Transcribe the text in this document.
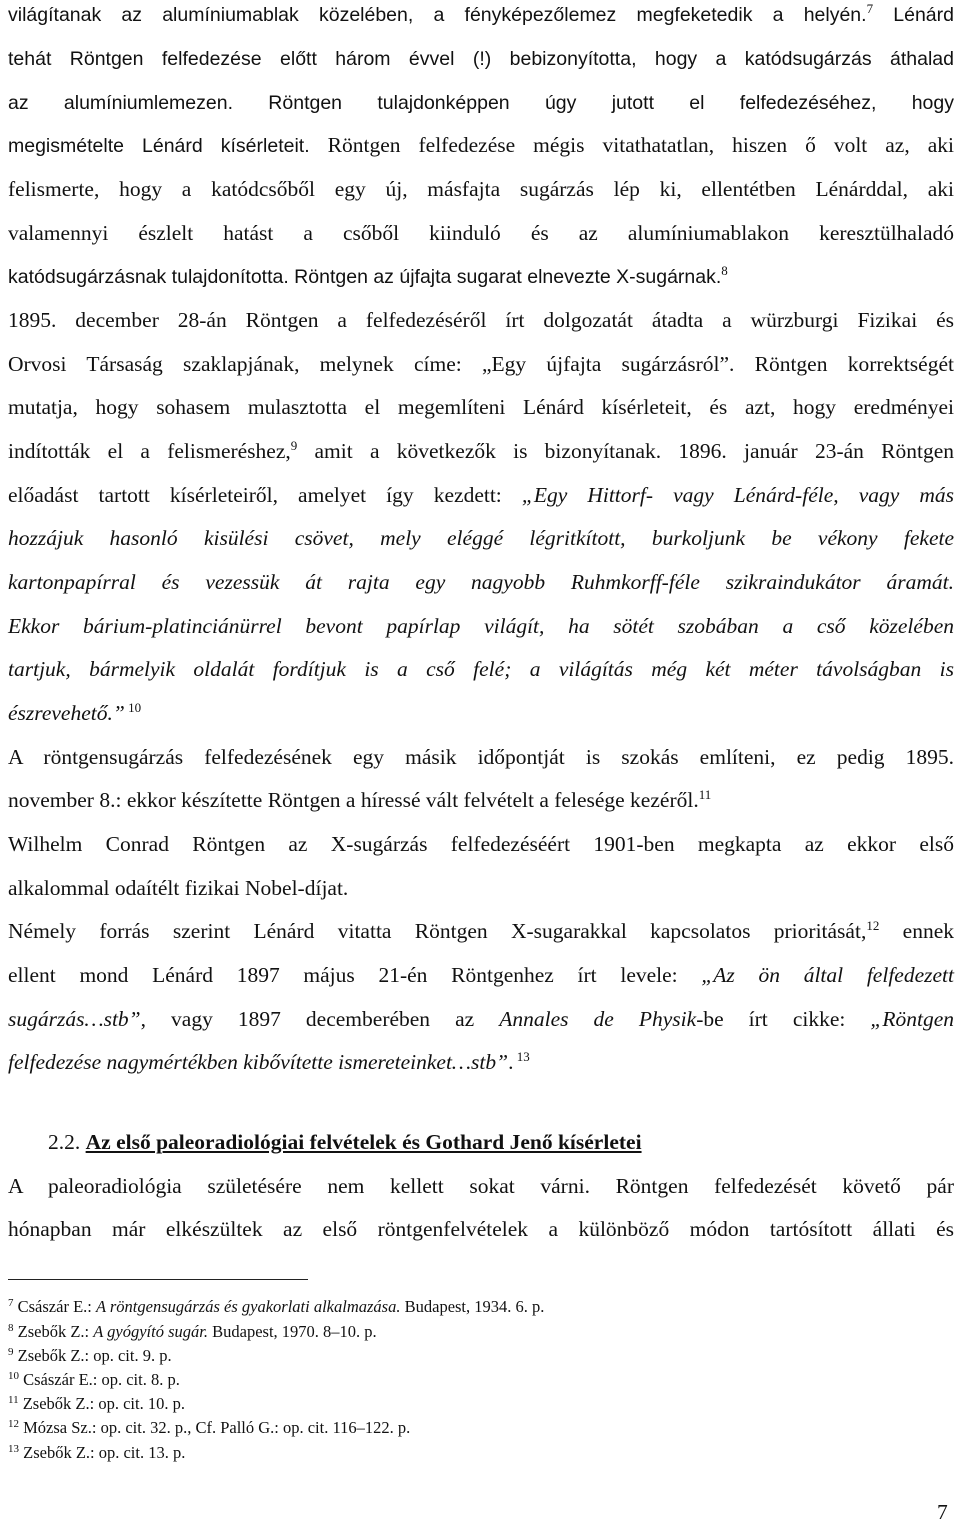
világítanak az alumíniumablak közelében, a fényképezőlemez megfeketedik a helyén.$^7$ Lénárd
tehát Röntgen felfedezése előtt három évvel (!) bebizonyította, hogy a katódsugárzás áthalad
az alumíniumlemezen. Röntgen tulajdonképpen úgy jutott el felfedezéséhez, hogy
megismételte Lénárd kísérleteit. Röntgen felfedezése mégis vitathatatlan, hiszen ő volt az, aki
felismerte, hogy a katódcsőből egy új, másfajta sugárzás lép ki, ellentétben Lénárddal, aki
valamennyi észlelt hatást a csőből kiinduló és az alumíniumablakon keresztülhaladó
katódsugárzásnak tulajdonította. Röntgen az újfajta sugarat elnevezte X-sugárnak.$^8$
1895. december 28-án Röntgen a felfedezéséről írt dolgozatát átadta a würzburgi Fizikai és
Orvosi Társaság szaklapjának, melynek címe: „Egy újfajta sugárzásról”. Röntgen korrektségét
mutatja, hogy sohasem mulasztotta el megemlíteni Lénárd kísérleteit, és azt, hogy eredményei
indították el a felismeréshez,$^9$ amit a következők is bizonyítanak. 1896. január 23-án Röntgen
előadást tartott kísérleteiről, amelyet így kezdett: „Egy Hittorf- vagy Lénárd-féle, vagy más
hozzájuk hasonló kisülési csövet, mely eléggé légritkított, burkoljunk be vékony fekete
kartonpapírral és vezessük át rajta egy nagyobb Ruhmkorff-féle szikraindukátor áramát.
Ekkor bárium-platinciánürrel bevont papírlap világít, ha sötét szobában a cső közelében
tartjuk, bármelyik oldalát fordítjuk is a cső felé; a világítás még két méter távolságban is
észrevehető.” $^{10}$
A röntgensugárzás felfedezésének egy másik időpontját is szokás említeni, ez pedig 1895.
november 8.: ekkor készítette Röntgen a híressé vált felvételt a felesége kezéről.$^{11}$
Wilhelm Conrad Röntgen az X-sugárzás felfedezéséért 1901-ben megkapta az ekkor első
alkalommal odaítélt fizikai Nobel-díjat.
Némely forrás szerint Lénárd vitatta Röntgen X-sugarakkal kapcsolatos prioritását,$^{12}$ ennek
ellent mond Lénárd 1897 május 21-én Röntgenhez írt levele: „Az ön által felfedezett
sugárzás…stb”, vagy 1897 decemberében az Annales de Physik-be írt cikke: „Röntgen
felfedezése nagymértékben kibővítette ismereteinket…stb”. $^{13}$
2.2. Az első paleoradiológiai felvételek és Gothard Jenő kísérletei
A paleoradiológia születésére nem kellett sokat várni. Röntgen felfedezését követő pár
hónapban már elkészültek az első röntgenfelvételek a különböző módon tartósított állati és
$^7$ Császár E.: A röntgensugárzás és gyakorlati alkalmazása. Budapest, 1934. 6. p.
$^8$ Zsebők Z.: A gyógyító sugár. Budapest, 1970. 8–10. p.
$^9$ Zsebők Z.: op. cit. 9. p.
$^{10}$ Császár E.: op. cit. 8. p.
$^{11}$ Zsebők Z.: op. cit. 10. p.
$^{12}$ Mózsa Sz.: op. cit. 32. p., Cf. Palló G.: op. cit. 116–122. p.
$^{13}$ Zsebők Z.: op. cit. 13. p.
7
